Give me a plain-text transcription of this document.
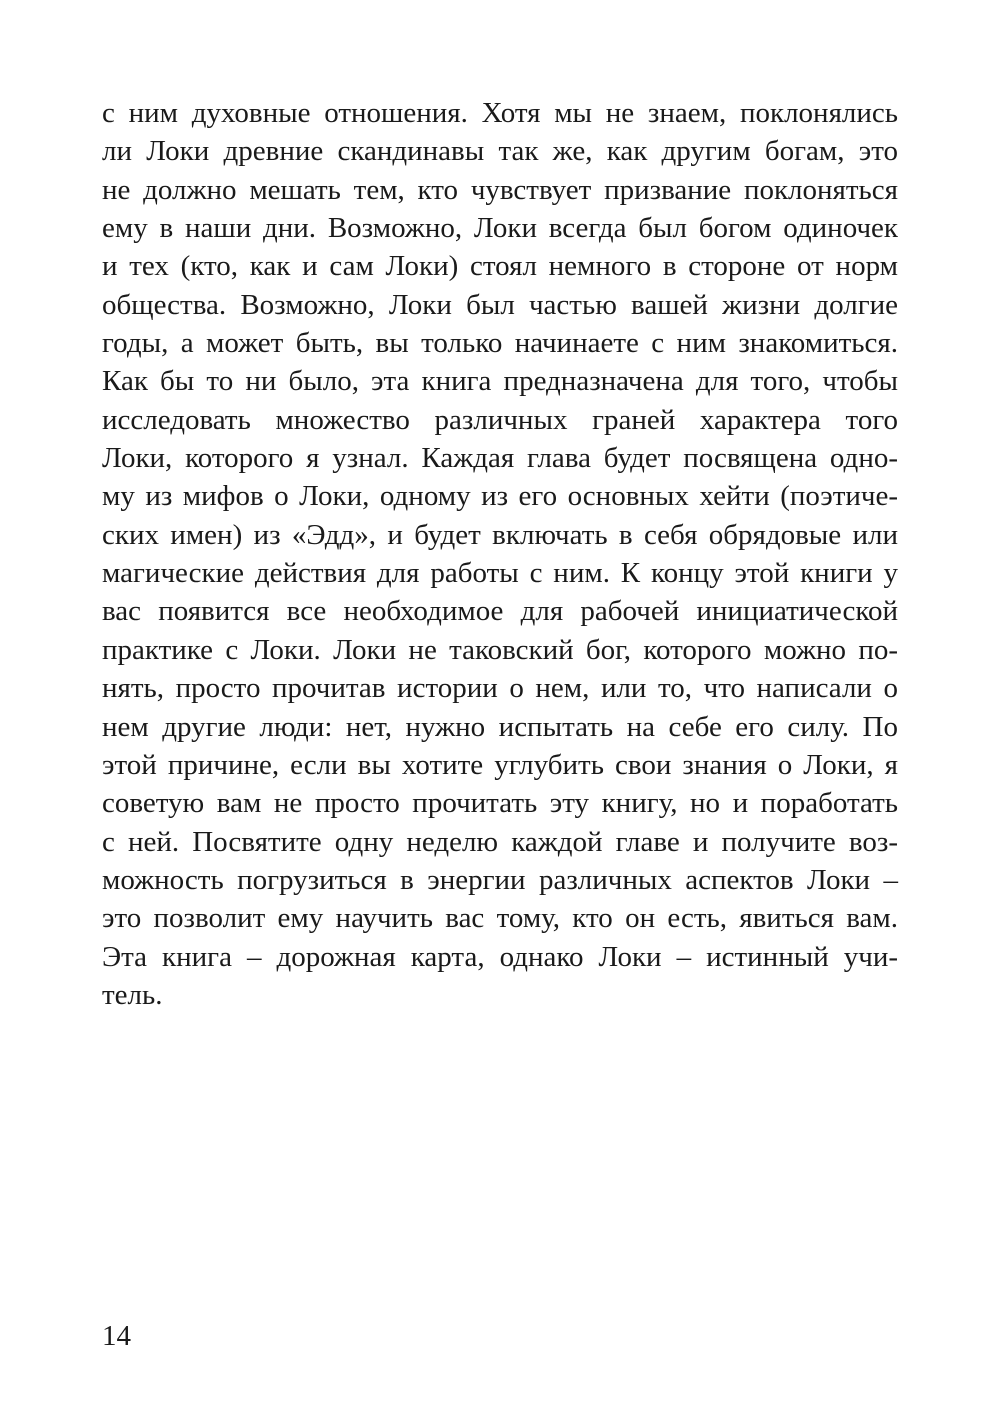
с ним духовные отношения. Хотя мы не знаем, поклонялись
ли Локи древние скандинавы так же, как другим богам, это
не должно мешать тем, кто чувствует призвание поклоняться
ему в наши дни. Возможно, Локи всегда был богом одиночек
и тех (кто, как и сам Локи) стоял немного в стороне от норм
общества. Возможно, Локи был частью вашей жизни долгие
годы, а может быть, вы только начинаете с ним знакомиться.
Как бы то ни было, эта книга предназначена для того, чтобы
исследовать множество различных граней характера того
Локи, которого я узнал. Каждая глава будет посвящена одно-
му из мифов о Локи, одному из его основных хейти (поэтиче-
ских имен) из «Эдд», и будет включать в себя обрядовые или
магические действия для работы с ним. К концу этой книги у
вас появится все необходимое для рабочей инициатической
практике с Локи. Локи не таковский бог, которого можно по-
нять, просто прочитав истории о нем, или то, что написали о
нем другие люди: нет, нужно испытать на себе его силу. По
этой причине, если вы хотите углубить свои знания о Локи, я
советую вам не просто прочитать эту книгу, но и поработать
с ней. Посвятите одну неделю каждой главе и получите воз-
можность погрузиться в энергии различных аспектов Локи –
это позволит ему научить вас тому, кто он есть, явиться вам.
Эта книга – дорожная карта, однако Локи – истинный учи-
тель.
14
